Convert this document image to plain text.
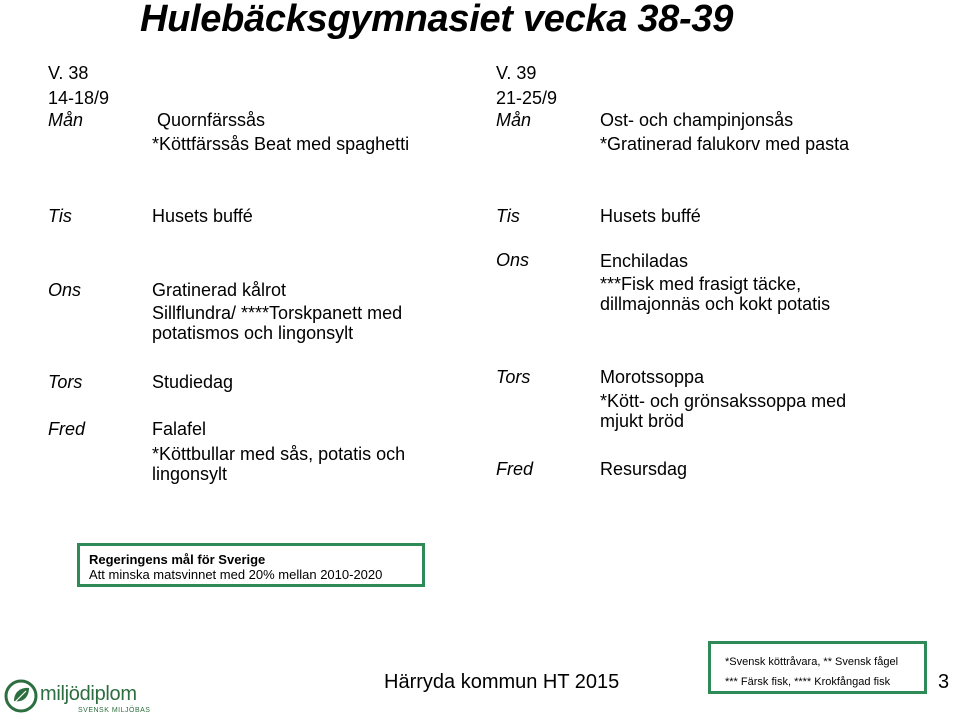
Hulebäcksgymnasiet vecka 38-39
V. 38
14-18/9
Mån	Quornfärssås
*Köttfärssås Beat med spaghetti
Tis	Husets buffé
Ons	Gratinerad kålrot
Sillflundra/ ****Torskpanett med
potatismos och lingonsylt
Tors	Studiedag
Fred	Falafel
*Köttbullar med sås, potatis och
lingonsylt
V. 39
21-25/9
Mån	Ost- och champinjonsås
*Gratinerad falukorv med pasta
Tis	Husets buffé
Ons	Enchiladas
***Fisk med frasigt täcke,
dillmajonnäs och kokt potatis
Tors	Morotssoppa
*Kött- och grönsakssoppa med
mjukt bröd
Fred	Resursdag
Regeringens mål för Sverige
Att minska matsvinnet med 20% mellan 2010-2020
miljödiplom
SVENSK MILJÖBAS
Härryda kommun HT 2015
*Svensk köttråvara, ** Svensk fågel
*** Färsk fisk, **** Krokfångad fisk	3
